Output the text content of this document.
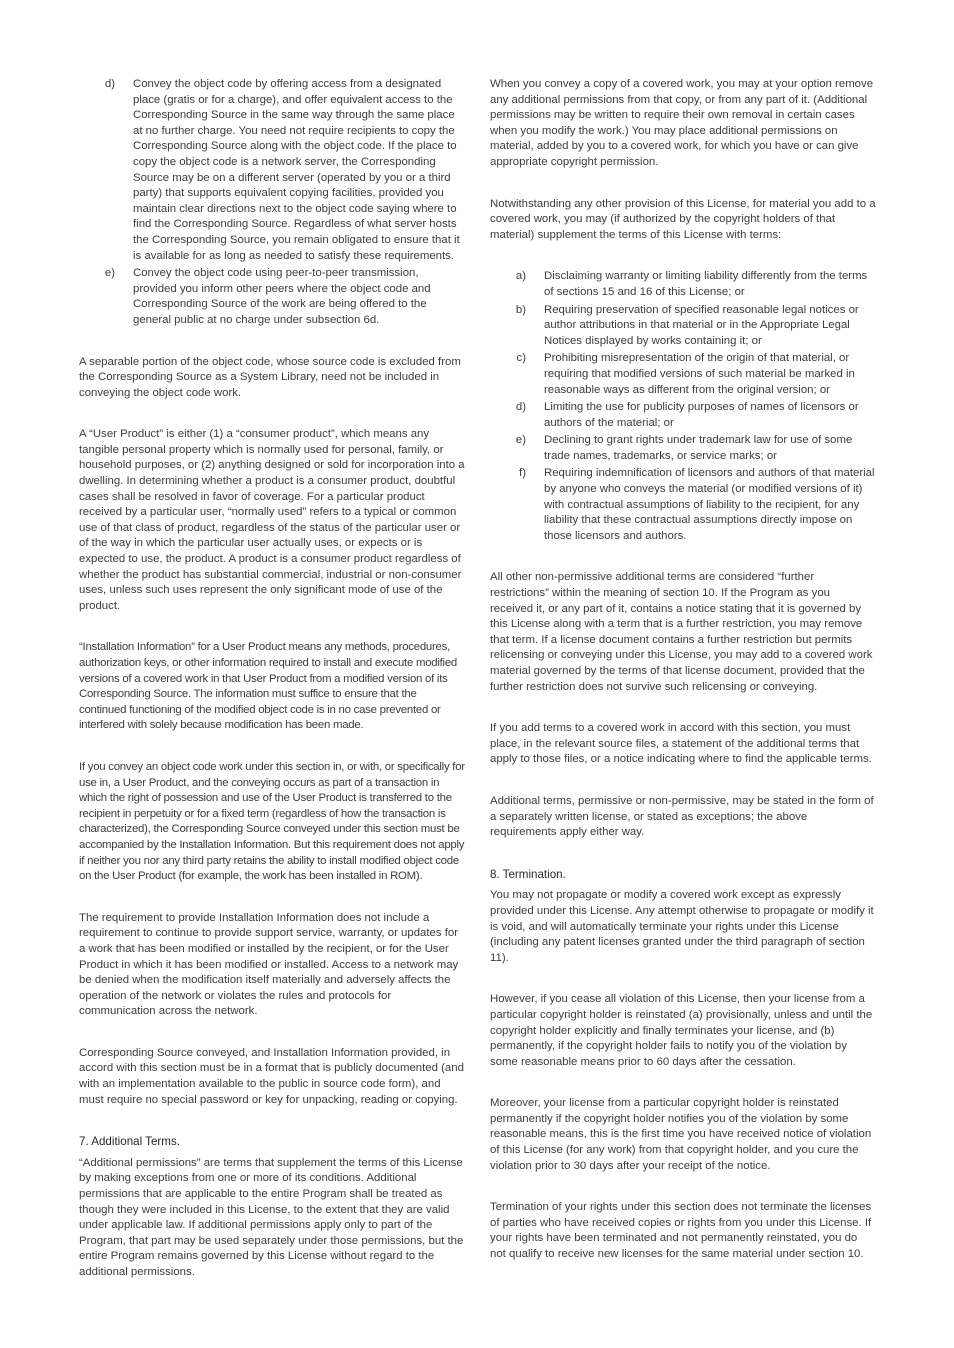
d)	Convey the object code by offering access from a designated place (gratis or for a charge), and offer equivalent access to the Corresponding Source in the same way through the same place at no further charge. You need not require recipients to copy the Corresponding Source along with the object code. If the place to copy the object code is a network server, the Corresponding Source may be on a different server (operated by you or a third party) that supports equivalent copying facilities, provided you maintain clear directions next to the object code saying where to find the Corresponding Source. Regardless of what server hosts the Corresponding Source, you remain obligated to ensure that it is available for as long as needed to satisfy these requirements.
e)	Convey the object code using peer-to-peer transmission, provided you inform other peers where the object code and Corresponding Source of the work are being offered to the general public at no charge under subsection 6d.

A separable portion of the object code, whose source code is excluded from the Corresponding Source as a System Library, need not be included in conveying the object code work.

A “User Product” is either (1) a “consumer product”, which means any tangible personal property which is normally used for personal, family, or household purposes, or (2) anything designed or sold for incorporation into a dwelling. In determining whether a product is a consumer product, doubtful cases shall be resolved in favor of coverage. For a particular product received by a particular user, “normally used” refers to a typical or common use of that class of product, regardless of the status of the particular user or of the way in which the particular user actually uses, or expects or is expected to use, the product. A product is a consumer product regardless of whether the product has substantial commercial, industrial or non-consumer uses, unless such uses represent the only significant mode of use of the product.

“Installation Information” for a User Product means any methods, procedures, authorization keys, or other information required to install and execute modified versions of a covered work in that User Product from a modified version of its Corresponding Source. The information must suffice to ensure that the continued functioning of the modified object code is in no case prevented or interfered with solely because modification has been made.

If you convey an object code work under this section in, or with, or specifically for use in, a User Product, and the conveying occurs as part of a transaction in which the right of possession and use of the User Product is transferred to the recipient in perpetuity or for a fixed term (regardless of how the transaction is characterized), the Corresponding Source conveyed under this section must be accompanied by the Installation Information. But this requirement does not apply if neither you nor any third party retains the ability to install modified object code on the User Product (for example, the work has been installed in ROM).

The requirement to provide Installation Information does not include a requirement to continue to provide support service, warranty, or updates for a work that has been modified or installed by the recipient, or for the User Product in which it has been modified or installed. Access to a network may be denied when the modification itself materially and adversely affects the operation of the network or violates the rules and protocols for communication across the network.

Corresponding Source conveyed, and Installation Information provided, in accord with this section must be in a format that is publicly documented (and with an implementation available to the public in source code form), and must require no special password or key for unpacking, reading or copying.

7. Additional Terms.

“Additional permissions” are terms that supplement the terms of this License by making exceptions from one or more of its conditions. Additional permissions that are applicable to the entire Program shall be treated as though they were included in this License, to the extent that they are valid under applicable law. If additional permissions apply only to part of the Program, that part may be used separately under those permissions, but the entire Program remains governed by this License without regard to the additional permissions.

When you convey a copy of a covered work, you may at your option remove any additional permissions from that copy, or from any part of it. (Additional permissions may be written to require their own removal in certain cases when you modify the work.) You may place additional permissions on material, added by you to a covered work, for which you have or can give appropriate copyright permission.

Notwithstanding any other provision of this License, for material you add to a covered work, you may (if authorized by the copyright holders of that material) supplement the terms of this License with terms:

a)	Disclaiming warranty or limiting liability differently from the terms of sections 15 and 16 of this License; or
b)	Requiring preservation of specified reasonable legal notices or author attributions in that material or in the Appropriate Legal Notices displayed by works containing it; or
c)	Prohibiting misrepresentation of the origin of that material, or requiring that modified versions of such material be marked in reasonable ways as different from the original version; or
d)	Limiting the use for publicity purposes of names of licensors or authors of the material; or
e)	Declining to grant rights under trademark law for use of some trade names, trademarks, or service marks; or
f)	Requiring indemnification of licensors and authors of that material by anyone who conveys the material (or modified versions of it) with contractual assumptions of liability to the recipient, for any liability that these contractual assumptions directly impose on those licensors and authors.

All other non-permissive additional terms are considered “further restrictions” within the meaning of section 10. If the Program as you received it, or any part of it, contains a notice stating that it is governed by this License along with a term that is a further restriction, you may remove that term. If a license document contains a further restriction but permits relicensing or conveying under this License, you may add to a covered work material governed by the terms of that license document, provided that the further restriction does not survive such relicensing or conveying.

If you add terms to a covered work in accord with this section, you must place, in the relevant source files, a statement of the additional terms that apply to those files, or a notice indicating where to find the applicable terms.

Additional terms, permissive or non-permissive, may be stated in the form of a separately written license, or stated as exceptions; the above requirements apply either way.

8. Termination.

You may not propagate or modify a covered work except as expressly provided under this License. Any attempt otherwise to propagate or modify it is void, and will automatically terminate your rights under this License (including any patent licenses granted under the third paragraph of section 11).

However, if you cease all violation of this License, then your license from a particular copyright holder is reinstated (a) provisionally, unless and until the copyright holder explicitly and finally terminates your license, and (b) permanently, if the copyright holder fails to notify you of the violation by some reasonable means prior to 60 days after the cessation.

Moreover, your license from a particular copyright holder is reinstated permanently if the copyright holder notifies you of the violation by some reasonable means, this is the first time you have received notice of violation of this License (for any work) from that copyright holder, and you cure the violation prior to 30 days after your receipt of the notice.

Termination of your rights under this section does not terminate the licenses of parties who have received copies or rights from you under this License. If your rights have been terminated and not permanently reinstated, you do not qualify to receive new licenses for the same material under section 10.
